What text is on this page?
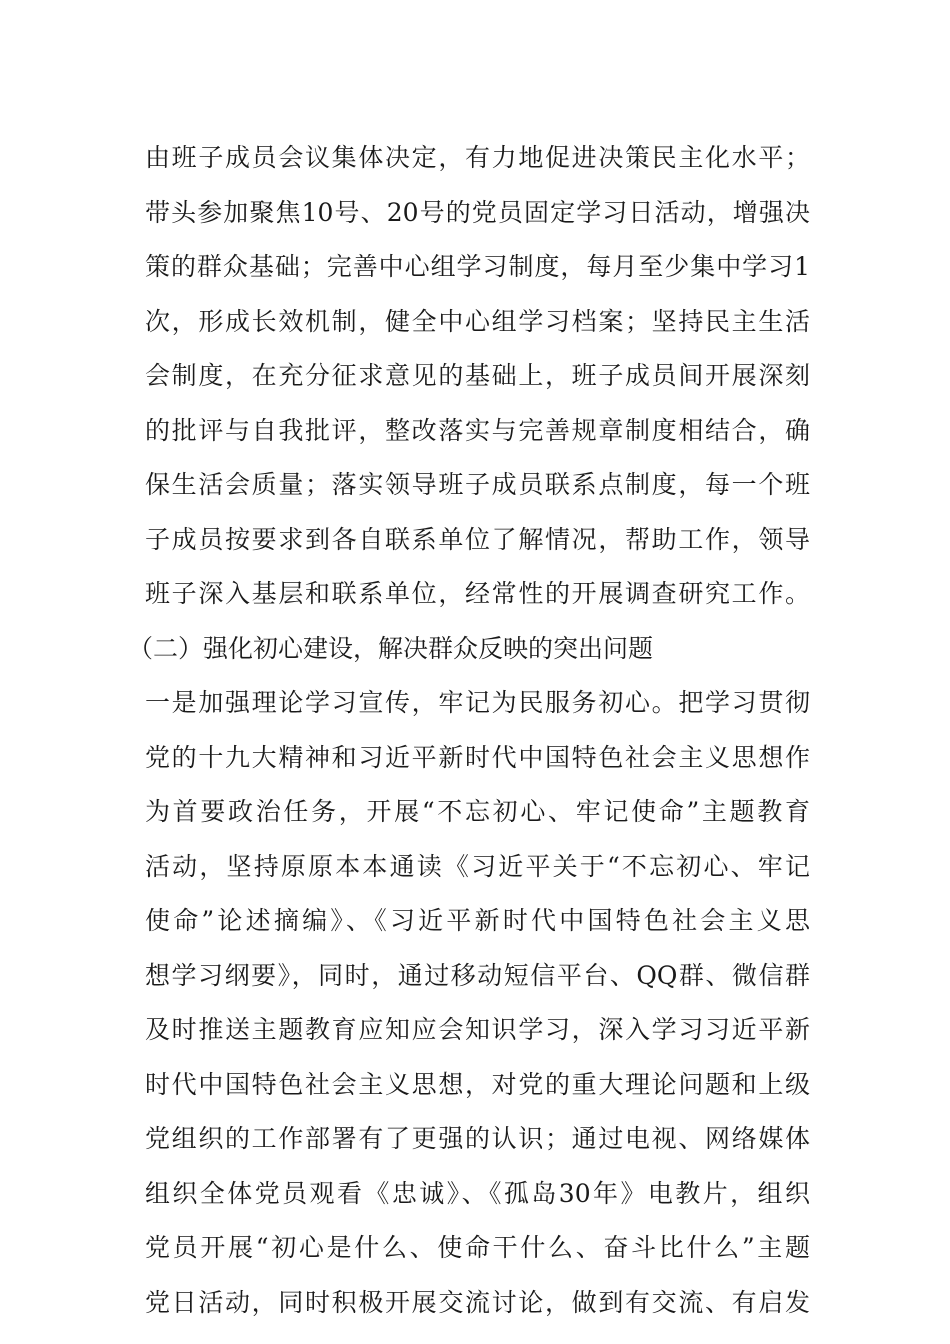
由班子成员会议集体决定，有力地促进决策民主化水平；
带头参加聚焦10号、20号的党员固定学习日活动，增强决
策的群众基础；完善中心组学习制度，每月至少集中学习1
次，形成长效机制，健全中心组学习档案；坚持民主生活
会制度，在充分征求意见的基础上，班子成员间开展深刻
的批评与自我批评，整改落实与完善规章制度相结合，确
保生活会质量；落实领导班子成员联系点制度，每一个班
子成员按要求到各自联系单位了解情况，帮助工作，领导
班子深入基层和联系单位，经常性的开展调查研究工作。
（二）强化初心建设，解决群众反映的突出问题
一是加强理论学习宣传，牢记为民服务初心。把学习贯彻
党的十九大精神和习近平新时代中国特色社会主义思想作
为首要政治任务，开展“不忘初心、牢记使命”主题教育
活动，坚持原原本本通读《习近平关于“不忘初心、牢记
使命”论述摘编》、《习近平新时代中国特色社会主义思
想学习纲要》，同时，通过移动短信平台、QQ群、微信群
及时推送主题教育应知应会知识学习，深入学习习近平新
时代中国特色社会主义思想，对党的重大理论问题和上级
党组织的工作部署有了更强的认识；通过电视、网络媒体
组织全体党员观看《忠诚》、《孤岛30年》电教片，组织
党员开展“初心是什么、使命干什么、奋斗比什么”主题
党日活动，同时积极开展交流讨论，做到有交流、有启发
